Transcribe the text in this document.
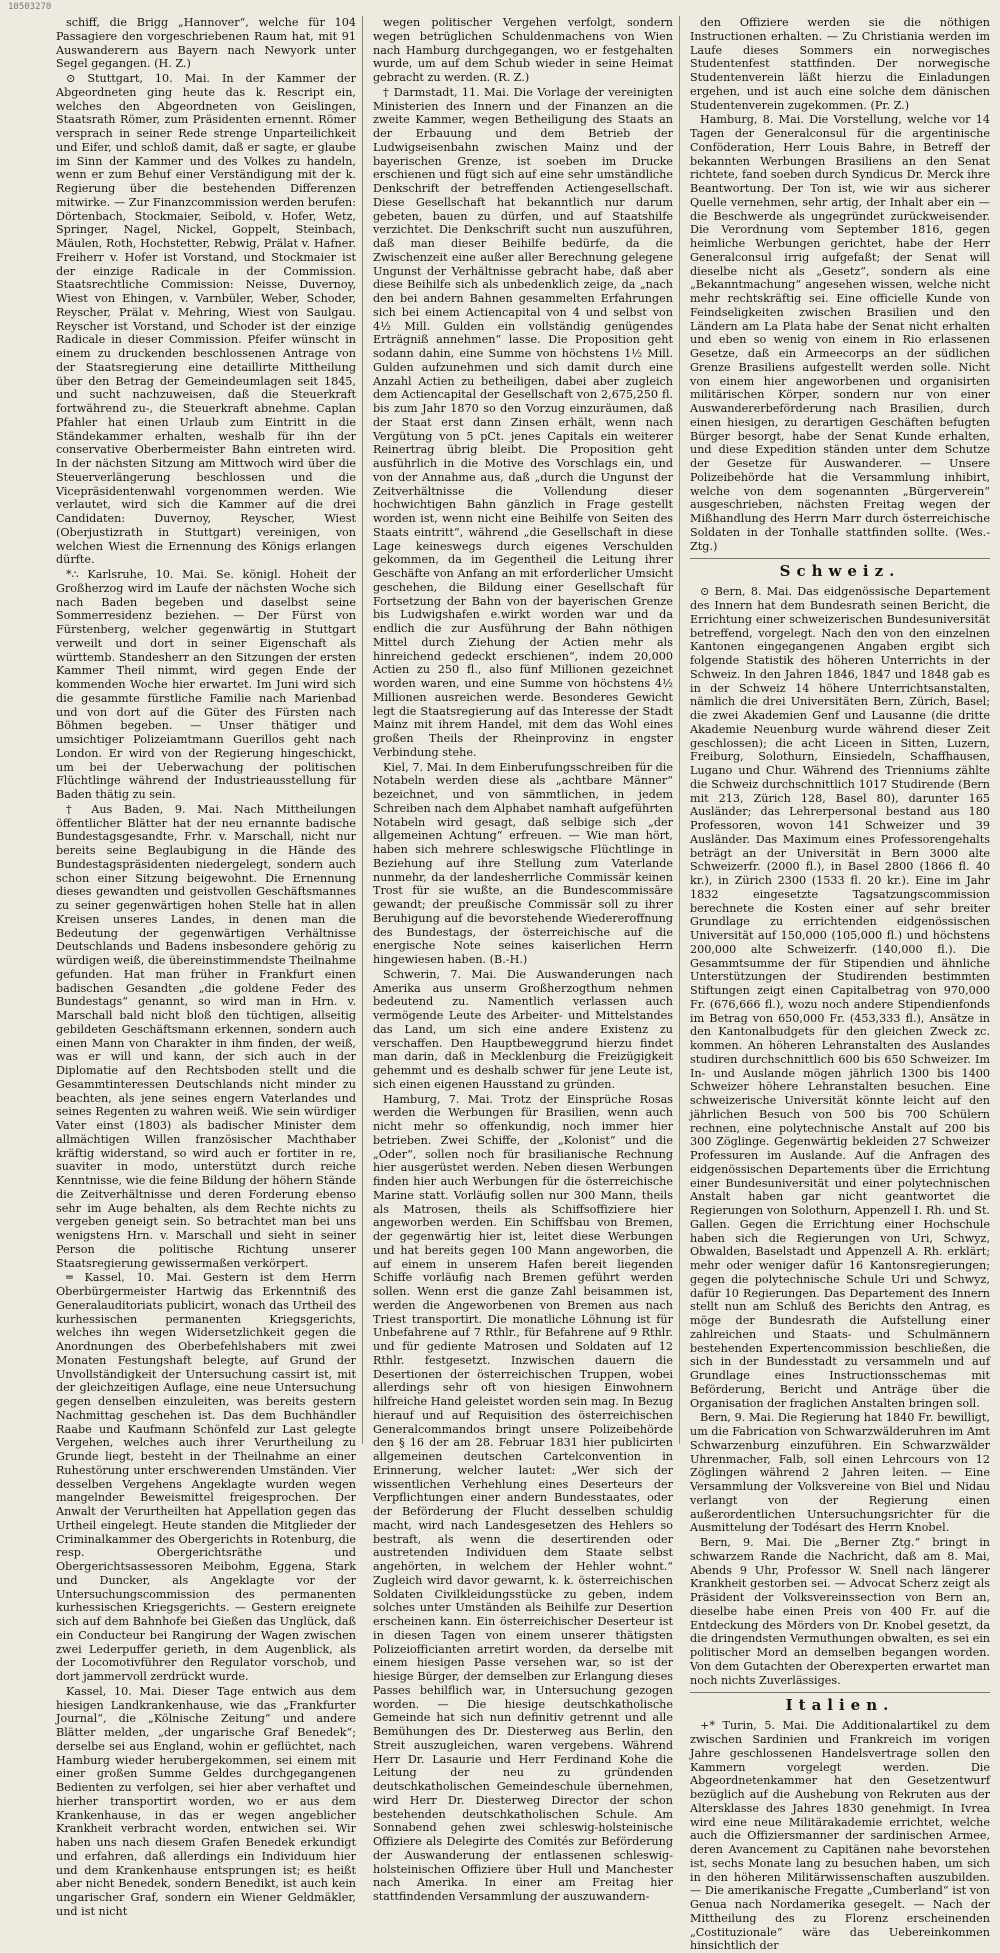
10503270

schiff, die Brigg „Hannover“, welche für 104 Passagiere den vorgeschriebenen Raum hat, mit 91 Auswanderern aus Bayern nach Newyork unter Segel gegangen. (H. Z.)

⊙ Stuttgart, 10. Mai. In der Kammer der Abgeordneten ging heute das k. Rescript ein, welches den Abgeordneten von Geislingen, Staatsrath Römer, zum Präsidenten ernennt. Römer versprach in seiner Rede strenge Unparteilichkeit und Eifer, und schloß damit, daß er sagte, er glaube im Sinn der Kammer und des Volkes zu handeln, wenn er zum Behuf einer Verständigung mit der k. Regierung über die bestehenden Differenzen mitwirke. — Zur Finanzcommission werden berufen: Dörtenbach, Stockmaier, Seibold, v. Hofer, Wetz, Springer, Nagel, Nickel, Goppelt, Steinbach, Mäulen, Roth, Hochstetter, Rebwig, Prälat v. Hafner. Freiherr v. Hofer ist Vorstand, und Stockmaier ist der einzige Radicale in der Commission. Staatsrechtliche Commission: Neisse, Duvernoy, Wiest von Ehingen, v. Varnbüler, Weber, Schoder, Reyscher, Prälat v. Mehring, Wiest von Saulgau. Reyscher ist Vorstand, und Schoder ist der einzige Radicale in dieser Commission. Pfeifer wünscht in einem zu druckenden beschlossenen Antrage von der Staatsregierung eine detaillirte Mittheilung über den Betrag der Gemeindeumlagen seit 1845, und sucht nachzuweisen, daß die Steuerkraft fortwährend zu-, die Steuerkraft abnehme. Caplan Pfahler hat einen Urlaub zum Eintritt in die Ständekammer erhalten, weshalb für ihn der conservative Oberbermeister Bahn eintreten wird. In der nächsten Sitzung am Mittwoch wird über die Steuerverlängerung beschlossen und die Vicepräsidentenwahl vorgenommen werden. Wie verlautet, wird sich die Kammer auf die drei Candidaten: Duvernoy, Reyscher, Wiest (Oberjustizrath in Stuttgart) vereinigen, von welchen Wiest die Ernennung des Königs erlangen dürfte.

*∴ Karlsruhe, 10. Mai. Se. königl. Hoheit der Großherzog wird im Laufe der nächsten Woche sich nach Baden begeben und daselbst seine Sommerresidenz beziehen. — Der Fürst von Fürstenberg, welcher gegenwärtig in Stuttgart verweilt und dort in seiner Eigenschaft als württemb. Standesherr an den Sitzungen der ersten Kammer Theil nimmt, wird gegen Ende der kommenden Woche hier erwartet. Im Juni wird sich die gesammte fürstliche Familie nach Marienbad und von dort auf die Güter des Fürsten nach Böhmen begeben. — Unser thätiger und umsichtiger Polizeiamtmann Guerillos geht nach London. Er wird von der Regierung hingeschickt, um bei der Ueberwachung der politischen Flüchtlinge während der Industrieausstellung für Baden thätig zu sein.

† Aus Baden, 9. Mai. Nach Mittheilungen öffentlicher Blätter hat der neu ernannte badische Bundestagsgesandte, Frhr. v. Marschall, nicht nur bereits seine Beglaubigung in die Hände des Bundestagspräsidenten niedergelegt, sondern auch schon einer Sitzung beigewohnt. Die Ernennung dieses gewandten und geistvollen Geschäftsmannes zu seiner gegenwärtigen hohen Stelle hat in allen Kreisen unseres Landes, in denen man die Bedeutung der gegenwärtigen Verhältnisse Deutschlands und Badens insbesondere gehörig zu würdigen weiß, die übereinstimmendste Theilnahme gefunden. Hat man früher in Frankfurt einen badischen Gesandten „die goldene Feder des Bundestags“ genannt, so wird man in Hrn. v. Marschall bald nicht bloß den tüchtigen, allseitig gebildeten Geschäftsmann erkennen, sondern auch einen Mann von Charakter in ihm finden, der weiß, was er will und kann, der sich auch in der Diplomatie auf den Rechtsboden stellt und die Gesammtinteressen Deutschlands nicht minder zu beachten, als jene seines engern Vaterlandes und seines Regenten zu wahren weiß. Wie sein würdiger Vater einst (1803) als badischer Minister dem allmächtigen Willen französischer Machthaber kräftig widerstand, so wird auch er fortiter in re, suaviter in modo, unterstützt durch reiche Kenntnisse, wie die feine Bildung der höhern Stände die Zeitverhältnisse und deren Forderung ebenso sehr im Auge behalten, als dem Rechte nichts zu vergeben geneigt sein. So betrachtet man bei uns wenigstens Hrn. v. Marschall und sieht in seiner Person die politische Richtung unserer Staatsregierung gewissermaßen verkörpert.

═ Kassel, 10. Mai. Gestern ist dem Herrn Oberbürgermeister Hartwig das Erkenntniß des Generalauditoriats publicirt, wonach das Urtheil des kurhessischen permanenten Kriegsgerichts, welches ihn wegen Widersetzlichkeit gegen die Anordnungen des Oberbefehlshabers mit zwei Monaten Festungshaft belegte, auf Grund der Unvollständigkeit der Untersuchung cassirt ist, mit der gleichzeitigen Auflage, eine neue Untersuchung gegen denselben einzuleiten, was bereits gestern Nachmittag geschehen ist. Das dem Buchhändler Raabe und Kaufmann Schönfeld zur Last gelegte Vergehen, welches auch ihrer Verurtheilung zu Grunde liegt, besteht in der Theilnahme an einer Ruhestörung unter erschwerenden Umständen. Vier desselben Vergehens Angeklagte wurden wegen mangelnder Beweismittel freigesprochen. Der Anwalt der Verurtheilten hat Appellation gegen das Urtheil eingelegt. Heute standen die Mitglieder der Criminalkammer des Obergerichts in Rotenburg, die resp. Obergerichtsräthe und Obergerichtsassessoren Meibohm, Eggena, Stark und Duncker, als Angeklagte vor der Untersuchungscommission des permanenten kurhessischen Kriegsgerichts. — Gestern ereignete sich auf dem Bahnhofe bei Gießen das Unglück, daß ein Conducteur bei Rangirung der Wagen zwischen zwei Lederpuffer gerieth, in dem Augenblick, als der Locomotivführer den Regulator vorschob, und dort jammervoll zerdrückt wurde.

Kassel, 10. Mai. Dieser Tage entwich aus dem hiesigen Landkrankenhause, wie das „Frankfurter Journal“, die „Kölnische Zeitung“ und andere Blätter melden, „der ungarische Graf Benedek“; derselbe sei aus England, wohin er geflüchtet, nach Hamburg wieder herubergekommen, sei einem mit einer großen Summe Geldes durchgegangenen Bedienten zu verfolgen, sei hier aber verhaftet und hierher transportirt worden, wo er aus dem Krankenhause, in das er wegen angeblicher Krankheit verbracht worden, entwichen sei. Wir haben uns nach diesem Grafen Benedek erkundigt und erfahren, daß allerdings ein Individuum hier und dem Krankenhause entsprungen ist; es heißt aber nicht Benedek, sondern Benedikt, ist auch kein ungarischer Graf, sondern ein Wiener Geldmäkler, und ist nicht

wegen politischer Vergehen verfolgt, sondern wegen betrüglichen Schuldenmachens von Wien nach Hamburg durchgegangen, wo er festgehalten wurde, um auf dem Schub wieder in seine Heimat gebracht zu werden. (R. Z.)

† Darmstadt, 11. Mai. Die Vorlage der vereinigten Ministerien des Innern und der Finanzen an die zweite Kammer, wegen Betheiligung des Staats an der Erbauung und dem Betrieb der Ludwigseisenbahn zwischen Mainz und der bayerischen Grenze, ist soeben im Drucke erschienen und fügt sich auf eine sehr umständliche Denkschrift der betreffenden Actiengesellschaft. Diese Gesellschaft hat bekanntlich nur darum gebeten, bauen zu dürfen, und auf Staatshilfe verzichtet. Die Denkschrift sucht nun auszuführen, daß man dieser Beihilfe bedürfe, da die Zwischenzeit eine außer aller Berechnung gelegene Ungunst der Verhältnisse gebracht habe, daß aber diese Beihilfe sich als unbedenklich zeige, da „nach den bei andern Bahnen gesammelten Erfahrungen sich bei einem Actiencapital von 4 und selbst von 4½ Mill. Gulden ein vollständig genügendes Erträgniß annehmen“ lasse. Die Proposition geht sodann dahin, eine Summe von höchstens 1½ Mill. Gulden aufzunehmen und sich damit durch eine Anzahl Actien zu betheiligen, dabei aber zugleich dem Actiencapital der Gesellschaft von 2,675,250 fl. bis zum Jahr 1870 so den Vorzug einzuräumen, daß der Staat erst dann Zinsen erhält, wenn nach Vergütung von 5 pCt. jenes Capitals ein weiterer Reinertrag übrig bleibt. Die Proposition geht ausführlich in die Motive des Vorschlags ein, und von der Annahme aus, daß „durch die Ungunst der Zeitverhältnisse die Vollendung dieser hochwichtigen Bahn gänzlich in Frage gestellt worden ist, wenn nicht eine Beihilfe von Seiten des Staats eintritt“, während „die Gesellschaft in diese Lage keineswegs durch eigenes Verschulden gekommen, da im Gegentheil die Leitung ihrer Geschäfte von Anfang an mit erforderlicher Umsicht geschehen, die Bildung einer Gesellschaft für Fortsetzung der Bahn von der bayerischen Grenze bis Ludwigshafen e.wirkt worden war und da endlich die zur Ausführung der Bahn nöthigen Mittel durch Ziehung der Actien mehr als hinreichend gedeckt erschienen“, indem 20,000 Actien zu 250 fl., also fünf Millionen gezeichnet worden waren, und eine Summe von höchstens 4½ Millionen ausreichen werde. Besonderes Gewicht legt die Staatsregierung auf das Interesse der Stadt Mainz mit ihrem Handel, mit dem das Wohl eines großen Theils der Rheinprovinz in engster Verbindung stehe.

Kiel, 7. Mai. In dem Einberufungsschreiben für die Notabeln werden diese als „achtbare Männer“ bezeichnet, und von sämmtlichen, in jedem Schreiben nach dem Alphabet namhaft aufgeführten Notabeln wird gesagt, daß selbige sich „der allgemeinen Achtung“ erfreuen. — Wie man hört, haben sich mehrere schleswigsche Flüchtlinge in Beziehung auf ihre Stellung zum Vaterlande nunmehr, da der landesherrliche Commissär keinen Trost für sie wußte, an die Bundescommissäre gewandt; der preußische Commissär soll zu ihrer Beruhigung auf die bevorstehende Wiedereroffnung des Bundestags, der österreichische auf die energische Note seines kaiserlichen Herrn hingewiesen haben. (B.-H.)

Schwerin, 7. Mai. Die Auswanderungen nach Amerika aus unserm Großherzogthum nehmen bedeutend zu. Namentlich verlassen auch vermögende Leute des Arbeiter- und Mittelstandes das Land, um sich eine andere Existenz zu verschaffen. Den Hauptbeweggrund hierzu findet man darin, daß in Mecklenburg die Freizügigkeit gehemmt und es deshalb schwer für jene Leute ist, sich einen eigenen Hausstand zu gründen.

Hamburg, 7. Mai. Trotz der Einsprüche Rosas werden die Werbungen für Brasilien, wenn auch nicht mehr so offenkundig, noch immer hier betrieben. Zwei Schiffe, der „Kolonist“ und die „Oder“, sollen noch für brasilianische Rechnung hier ausgerüstet werden. Neben diesen Werbungen finden hier auch Werbungen für die österreichische Marine statt. Vorläufig sollen nur 300 Mann, theils als Matrosen, theils als Schiffsoffiziere hier angeworben werden. Ein Schiffsbau von Bremen, der gegenwärtig hier ist, leitet diese Werbungen und hat bereits gegen 100 Mann angeworben, die auf einem in unserem Hafen bereit liegenden Schiffe vorläufig nach Bremen geführt werden sollen. Wenn erst die ganze Zahl beisammen ist, werden die Angeworbenen von Bremen aus nach Triest transportirt. Die monatliche Löhnung ist für Unbefahrene auf 7 Rthlr., für Befahrene auf 9 Rthlr. und für gediente Matrosen und Soldaten auf 12 Rthlr. festgesetzt. Inzwischen dauern die Desertionen der österreichischen Truppen, wobei allerdings sehr oft von hiesigen Einwohnern hilfreiche Hand geleistet worden sein mag. In Bezug hierauf und auf Requisition des österreichischen Generalcommandos bringt unsere Polizeibehörde den § 16 der am 28. Februar 1831 hier publicirten allgemeinen deutschen Cartelconvention in Erinnerung, welcher lautet: „Wer sich der wissentlichen Verhehlung eines Deserteurs der Verpflichtungen einer andern Bundesstaates, oder der Beförderung der Flucht desselben schuldig macht, wird nach Landesgesetzen des Hehlers so bestraft, als wenn die desertirenden oder austretenden Individuen dem Staate selbst angehörten, in welchem der Hehler wohnt.“ Zugleich wird davor gewarnt, k. k. österreichischen Soldaten Civilkleidungsstücke zu geben, indem solches unter Umständen als Beihilfe zur Desertion erscheinen kann. Ein österreichischer Deserteur ist in diesen Tagen von einem unserer thätigsten Polizeiofficianten arretirt worden, da derselbe mit einem hiesigen Passe versehen war, so ist der hiesige Bürger, der demselben zur Erlangung dieses Passes behilflich war, in Untersuchung gezogen worden. — Die hiesige deutschkatholische Gemeinde hat sich nun definitiv getrennt und alle Bemühungen des Dr. Diesterweg aus Berlin, den Streit auszugleichen, waren vergebens. Während Herr Dr. Lasaurie und Herr Ferdinand Kohe die Leitung der neu zu gründenden deutschkatholischen Gemeindeschule übernehmen, wird Herr Dr. Diesterweg Director der schon bestehenden deutschkatholischen Schule. Am Sonnabend gehen zwei schleswig-holsteinische Offiziere als Delegirte des Comités zur Beförderung der Auswanderung der entlassenen schleswig-holsteinischen Offiziere über Hull und Manchester nach Amerika. In einer am Freitag hier stattfindenden Versammlung der auszuwandern-

den Offiziere werden sie die nöthigen Instructionen erhalten. — Zu Christiania werden im Laufe dieses Sommers ein norwegisches Studentenfest stattfinden. Der norwegische Studentenverein läßt hierzu die Einladungen ergehen, und ist auch eine solche dem dänischen Studentenverein zugekommen. (Pr. Z.)

Hamburg, 8. Mai. Die Vorstellung, welche vor 14 Tagen der Generalconsul für die argentinische Conföderation, Herr Louis Bahre, in Betreff der bekannten Werbungen Brasiliens an den Senat richtete, fand soeben durch Syndicus Dr. Merck ihre Beantwortung. Der Ton ist, wie wir aus sicherer Quelle vernehmen, sehr artig, der Inhalt aber ein — die Beschwerde als ungegründet zurückweisender. Die Verordnung vom September 1816, gegen heimliche Werbungen gerichtet, habe der Herr Generalconsul irrig aufgefaßt; der Senat will dieselbe nicht als „Gesetz“, sondern als eine „Bekanntmachung“ angesehen wissen, welche nicht mehr rechtskräftig sei. Eine officielle Kunde von Feindseligkeiten zwischen Brasilien und den Ländern am La Plata habe der Senat nicht erhalten und eben so wenig von einem in Rio erlassenen Gesetze, daß ein Armeecorps an der südlichen Grenze Brasiliens aufgestellt werden solle. Nicht von einem hier angeworbenen und organisirten militärischen Körper, sondern nur von einer Auswandererbeförderung nach Brasilien, durch einen hiesigen, zu derartigen Geschäften befugten Bürger besorgt, habe der Senat Kunde erhalten, und diese Expedition ständen unter dem Schutze der Gesetze für Auswanderer. — Unsere Polizeibehörde hat die Versammlung inhibirt, welche von dem sogenannten „Bürgerverein“ ausgeschrieben, nächsten Freitag wegen der Mißhandlung des Herrn Marr durch österreichische Soldaten in der Tonhalle stattfinden sollte. (Wes.-Ztg.)

Schweiz.

⊙ Bern, 8. Mai. Das eidgenössische Departement des Innern hat dem Bundesrath seinen Bericht, die Errichtung einer schweizerischen Bundesuniversität betreffend, vorgelegt. Nach den von den einzelnen Kantonen eingegangenen Angaben ergibt sich folgende Statistik des höheren Unterrichts in der Schweiz. In den Jahren 1846, 1847 und 1848 gab es in der Schweiz 14 höhere Unterrichtsanstalten, nämlich die drei Universitäten Bern, Zürich, Basel; die zwei Akademien Genf und Lausanne (die dritte Akademie Neuenburg wurde während dieser Zeit geschlossen); die acht Liceen in Sitten, Luzern, Freiburg, Solothurn, Einsiedeln, Schaffhausen, Lugano und Chur. Während des Trienniums zählte die Schweiz durchschnittlich 1017 Studirende (Bern mit 213, Zürich 128, Basel 80), darunter 165 Ausländer; das Lehrerpersonal bestand aus 180 Professoren, wovon 141 Schweizer und 39 Ausländer. Das Maximum eines Professorengehalts beträgt an der Universität in Bern 3000 alte Schweizerfr. (2000 fl.), in Basel 2800 (1866 fl. 40 kr.), in Zürich 2300 (1533 fl. 20 kr.). Eine im Jahr 1832 eingesetzte Tagsatzungscommission berechnete die Kosten einer auf sehr breiter Grundlage zu errichtenden eidgenössischen Universität auf 150,000 (105,000 fl.) und höchstens 200,000 alte Schweizerfr. (140,000 fl.). Die Gesammtsumme der für Stipendien und ähnliche Unterstützungen der Studirenden bestimmten Stiftungen zeigt einen Capitalbetrag von 970,000 Fr. (676,666 fl.), wozu noch andere Stipendienfonds im Betrag von 650,000 Fr. (453,333 fl.), Ansätze in den Kantonalbudgets für den gleichen Zweck zc. kommen. An höheren Lehranstalten des Auslandes studiren durchschnittlich 600 bis 650 Schweizer. Im In- und Auslande mögen jährlich 1300 bis 1400 Schweizer höhere Lehranstalten besuchen. Eine schweizerische Universität könnte leicht auf den jährlichen Besuch von 500 bis 700 Schülern rechnen, eine polytechnische Anstalt auf 200 bis 300 Zöglinge. Gegenwärtig bekleiden 27 Schweizer Professuren im Auslande. Auf die Anfragen des eidgenössischen Departements über die Errichtung einer Bundesuniversität und einer polytechnischen Anstalt haben gar nicht geantwortet die Regierungen von Solothurn, Appenzell I. Rh. und St. Gallen. Gegen die Errichtung einer Hochschule haben sich die Regierungen von Uri, Schwyz, Obwalden, Baselstadt und Appenzell A. Rh. erklärt; mehr oder weniger dafür 16 Kantonsregierungen; gegen die polytechnische Schule Uri und Schwyz, dafür 10 Regierungen. Das Departement des Innern stellt nun am Schluß des Berichts den Antrag, es möge der Bundesrath die Aufstellung einer zahlreichen und Staats- und Schulmännern bestehenden Expertencommission beschließen, die sich in der Bundesstadt zu versammeln und auf Grundlage eines Instructionsschemas mit Beförderung, Bericht und Anträge über die Organisation der fraglichen Anstalten bringen soll.

Bern, 9. Mai. Die Regierung hat 1840 Fr. bewilligt, um die Fabrication von Schwarzwälderuhren im Amt Schwarzenburg einzuführen. Ein Schwarzwälder Uhrenmacher, Falb, soll einen Lehrcours von 12 Zöglingen während 2 Jahren leiten. — Eine Versammlung der Volksvereine von Biel und Nidau verlangt von der Regierung einen außerordentlichen Untersuchungsrichter für die Ausmittelung der Todésart des Herrn Knobel.

Bern, 9. Mai. Die „Berner Ztg.“ bringt in schwarzem Rande die Nachricht, daß am 8. Mai, Abends 9 Uhr, Professor W. Snell nach längerer Krankheit gestorben sei. — Advocat Scherz zeigt als Präsident der Volksvereinssection von Bern an, dieselbe habe einen Preis von 400 Fr. auf die Entdeckung des Mörders von Dr. Knobel gesetzt, da die dringendsten Vermuthungen obwalten, es sei ein politischer Mord an demselben begangen worden. Von dem Gutachten der Oberexperten erwartet man noch nichts Zuverlässiges.

Italien.

+* Turin, 5. Mai. Die Additionalartikel zu dem zwischen Sardinien und Frankreich im vorigen Jahre geschlossenen Handelsvertrage sollen den Kammern vorgelegt werden. Die Abgeordnetenkammer hat den Gesetzentwurf bezüglich auf die Aushebung von Rekruten aus der Altersklasse des Jahres 1830 genehmigt. In Ivrea wird eine neue Militärakademie errichtet, welche auch die Offiziersmanner der sardinischen Armee, deren Avancement zu Capitänen nahe bevorstehen ist, sechs Monate lang zu besuchen haben, um sich in den höheren Militärwissenschaften auszubilden. — Die amerikanische Fregatte „Cumberland“ ist von Genua nach Nordamerika gesegelt. — Nach der Mittheilung des zu Florenz erscheinenden „Costituzionale“ wäre das Uebereinkommen hinsichtlich der
